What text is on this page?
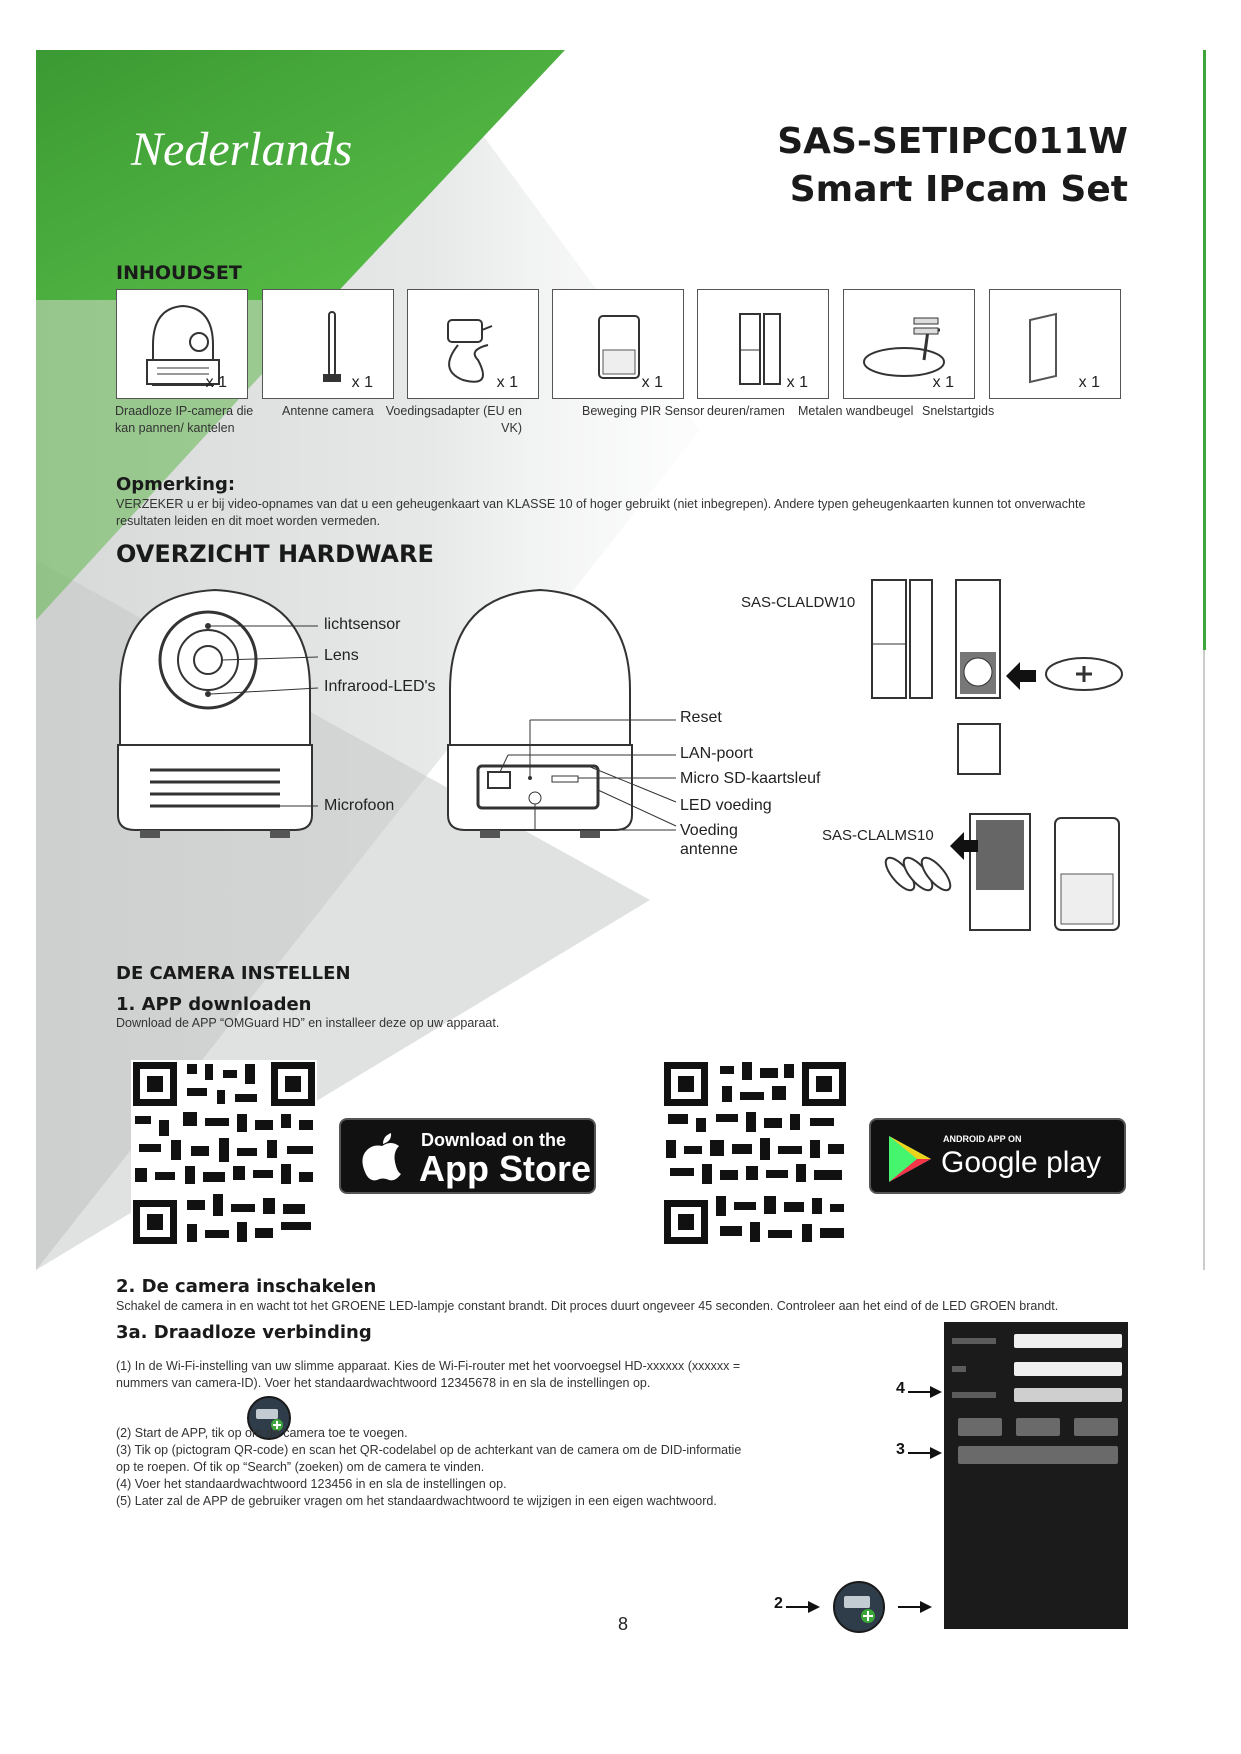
Nederlands	SAS-SETIPC011W
Smart IPcam Set
INHOUDSET
x 1	x 1	x 1	x 1	x 1	x 1	x 1
Draadloze IP-camera die kan pannen/ kantelen
Antenne camera Voedingsadapter (EU en VK)
Beweging PIR Sensor deuren/ramen Metalen wandbeugel Snelstartgids
Opmerking:
VERZEKER u er bij video-opnames van dat u een geheugenkaart van KLASSE 10 of hoger gebruikt (niet inbegrepen). Andere typen geheugenkaarten kunnen tot onverwachte resultaten leiden en dit moet worden vermeden.
OVERZICHT HARDWARE
lichtsensor
Lens
Infrarood-LED's
Microfoon
Reset
LAN-poort
Micro SD-kaartsleuf
LED voeding
Voeding
antenne
SAS-CLALDW10
SAS-CLALMS10
DE CAMERA INSTELLEN
1. APP downloaden
Download de APP “OMGuard HD” en installeer deze op uw apparaat.
Download on the
App Store
ANDROID APP ON
Google play
2. De camera inschakelen
Schakel de camera in en wacht tot het GROENE LED-lampje constant brandt. Dit proces duurt ongeveer 45 seconden. Controleer aan het eind of de LED GROEN brandt.
3a. Draadloze verbinding
(1) In de Wi-Fi-instelling van uw slimme apparaat. Kies de Wi-Fi-router met het voorvoegsel HD-xxxxxx (xxxxxx =
nummers van camera-ID). Voer het standaardwachtwoord 12345678 in en sla de instellingen op.
(2) Start de APP, tik op om de camera toe te voegen.
(3) Tik op (pictogram QR-code) en scan het QR-codelabel op de achterkant van de camera om de DID-informatie
op te roepen. Of tik op “Search” (zoeken) om de camera te vinden.
(4) Voer het standaardwachtwoord 123456 in en sla de instellingen op.
(5) Later zal de APP de gebruiker vragen om het standaardwachtwoord te wijzigen in een eigen wachtwoord.
4
3
2
8
